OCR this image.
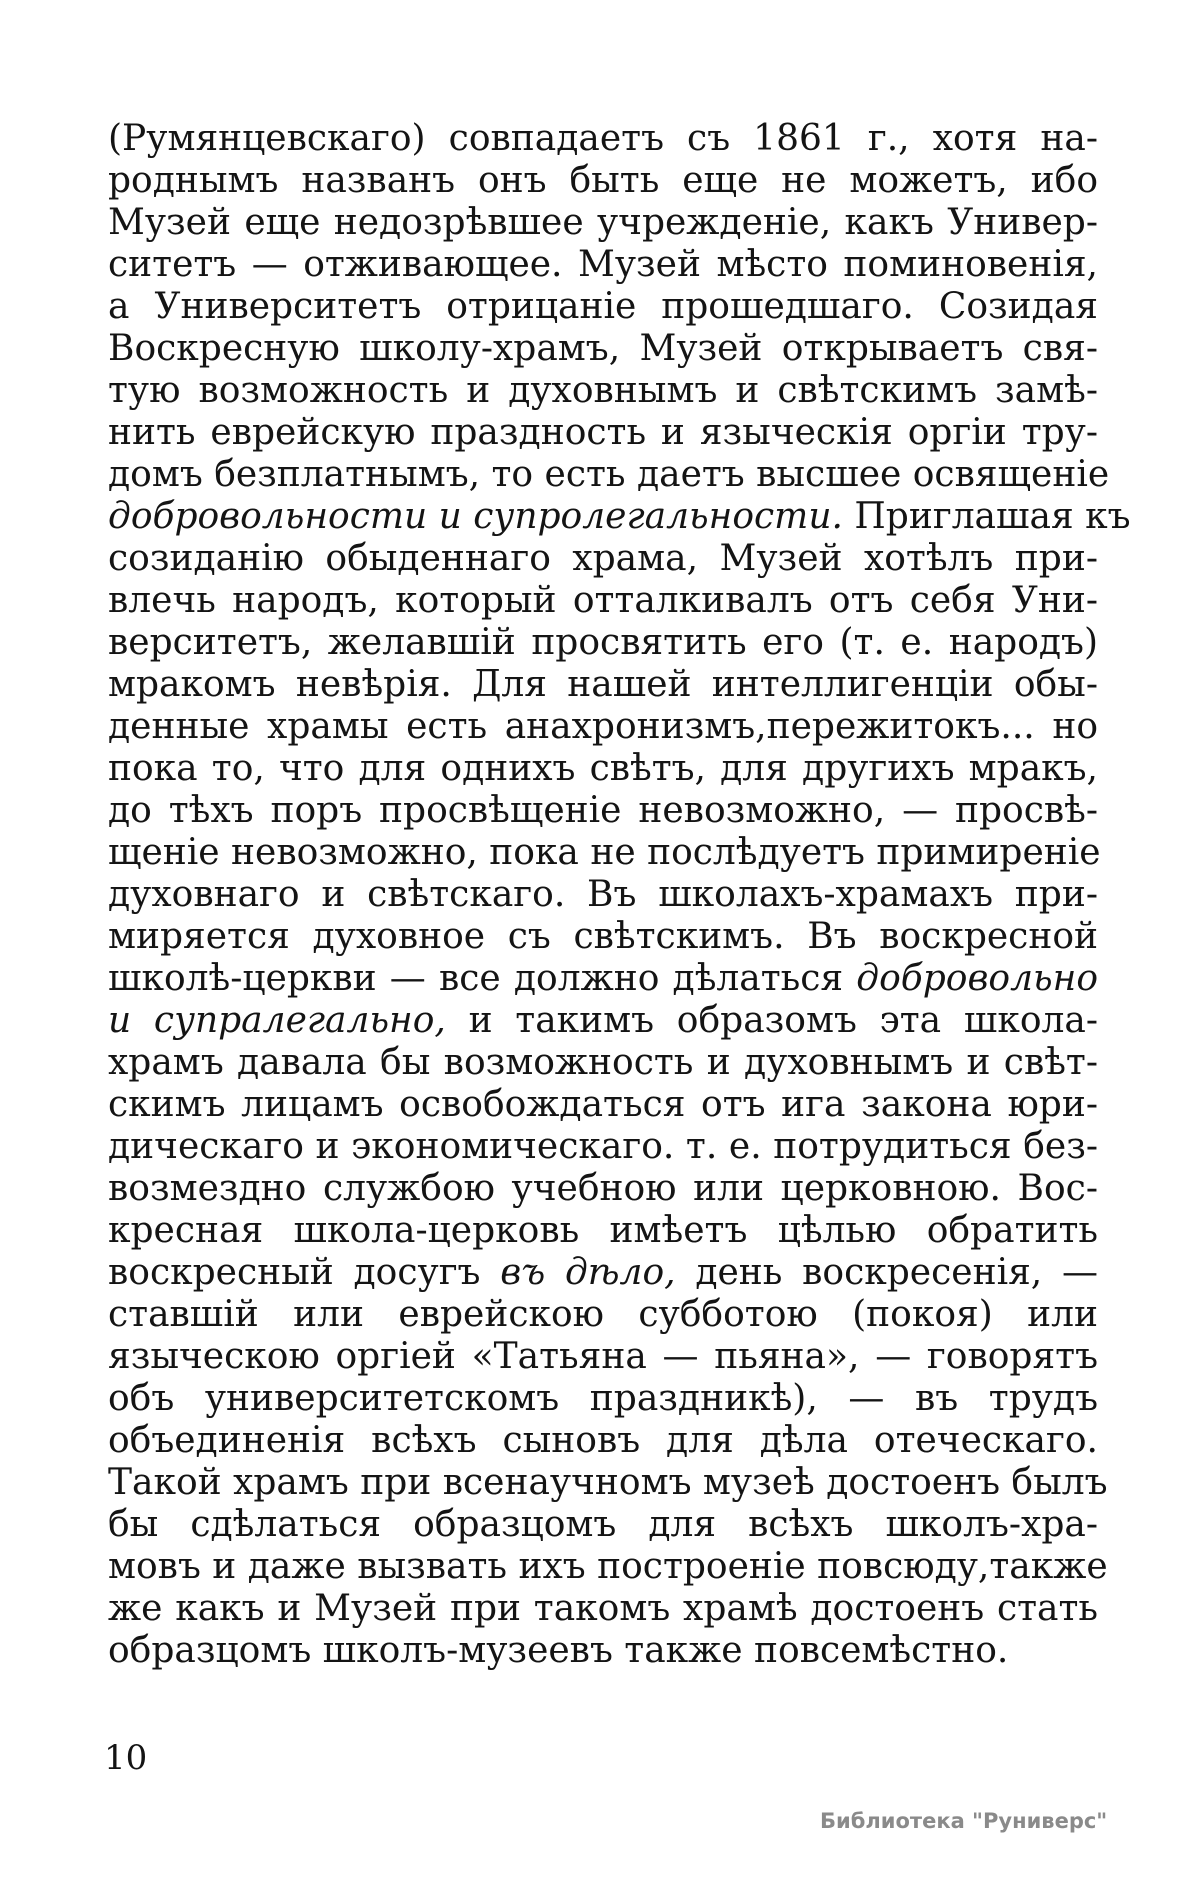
(Румянцевскаго) совпадаетъ съ 1861 г., хотя на-
роднымъ названъ онъ быть еще не можетъ, ибо
Музей еще недозрѣвшее учрежденіе, какъ Универ-
ситетъ — отживающее. Музей мѣсто поминовенія,
а Университетъ отрицаніе прошедшаго. Созидая
Воскресную школу-храмъ, Музей открываетъ свя-
тую возможность и духовнымъ и свѣтскимъ замѣ-
нить еврейскую праздность и языческія оргіи тру-
домъ безплатнымъ, то есть даетъ высшее освященіе
добровольности и супролегальности. Приглашая къ
созиданію обыденнаго храма, Музей хотѣлъ при-
влечь народъ, который отталкивалъ отъ себя Уни-
верситетъ, желавшій просвятить его (т. е. народъ)
мракомъ невѣрія. Для нашей интеллигенціи обы-
денные храмы есть анахронизмъ,пережитокъ... но
пока то, что для однихъ свѣтъ, для другихъ мракъ,
до тѣхъ поръ просвѣщеніе невозможно, — просвѣ-
щеніе невозможно, пока не послѣдуетъ примиреніе
духовнаго и свѣтскаго. Въ школахъ-храмахъ при-
миряется духовное съ свѣтскимъ. Въ воскресной
школѣ-церкви — все должно дѣлаться добровольно
и супралегально, и такимъ образомъ эта школа-
храмъ давала бы возможность и духовнымъ и свѣт-
скимъ лицамъ освобождаться отъ ига закона юри-
дическаго и экономическаго. т. е. потрудиться без-
возмездно службою учебною или церковною. Вос-
кресная школа-церковь имѣетъ цѣлью обратить
воскресный досугъ въ дѣло, день воскресенія, —
ставшій или еврейскою субботою (покоя) или
языческою оргіей «Татьяна — пьяна», — говорятъ
объ университетскомъ праздникѣ), — въ трудъ
объединенія всѣхъ сыновъ для дѣла отеческаго.
Такой храмъ при всенаучномъ музеѣ достоенъ былъ
бы сдѣлаться образцомъ для всѣхъ школъ-хра-
мовъ и даже вызвать ихъ построеніе повсюду,также
же какъ и Музей при такомъ храмѣ достоенъ стать
образцомъ школъ-музеевъ также повсемѣстно.
10
Библиотека "Руниверс"
